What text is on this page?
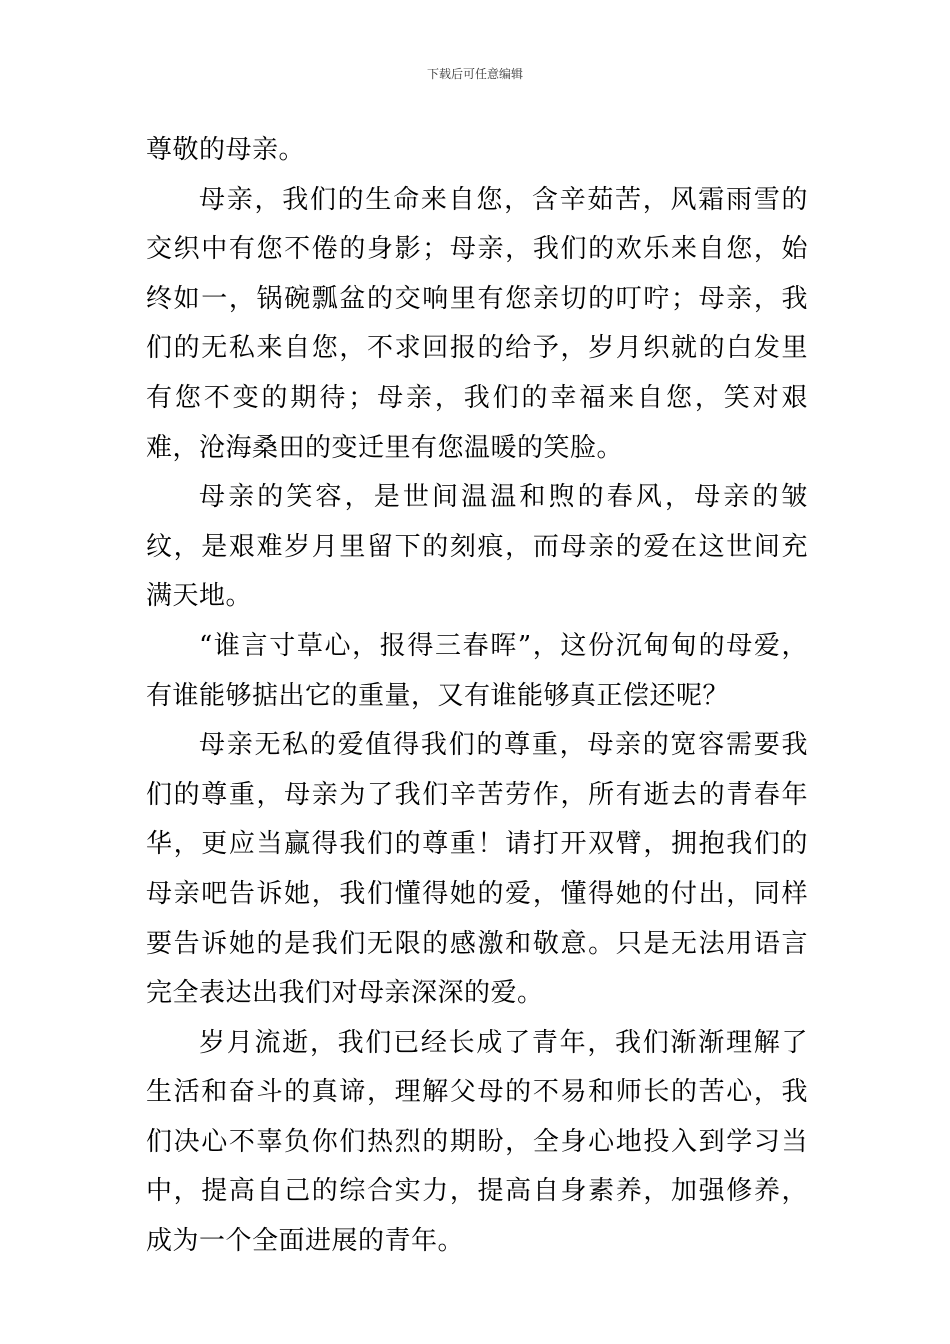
下载后可任意编辑

尊敬的母亲。

母亲，我们的生命来自您，含辛茹苦，风霜雨雪的交织中有您不倦的身影；母亲，我们的欢乐来自您，始终如一，锅碗瓢盆的交响里有您亲切的叮咛；母亲，我们的无私来自您，不求回报的给予，岁月织就的白发里有您不变的期待；母亲，我们的幸福来自您，笑对艰难，沧海桑田的变迁里有您温暖的笑脸。

母亲的笑容，是世间温温和煦的春风，母亲的皱纹，是艰难岁月里留下的刻痕，而母亲的爱在这世间充满天地。

“谁言寸草心，报得三春晖”，这份沉甸甸的母爱，有谁能够掂出它的重量，又有谁能够真正偿还呢？

母亲无私的爱值得我们的尊重，母亲的宽容需要我们的尊重，母亲为了我们辛苦劳作，所有逝去的青春年华，更应当赢得我们的尊重！请打开双臂，拥抱我们的母亲吧告诉她，我们懂得她的爱，懂得她的付出，同样要告诉她的是我们无限的感激和敬意。只是无法用语言完全表达出我们对母亲深深的爱。

岁月流逝，我们已经长成了青年，我们渐渐理解了生活和奋斗的真谛，理解父母的不易和师长的苦心，我们决心不辜负你们热烈的期盼，全身心地投入到学习当中，提高自己的综合实力，提高自身素养，加强修养，成为一个全面进展的青年。
